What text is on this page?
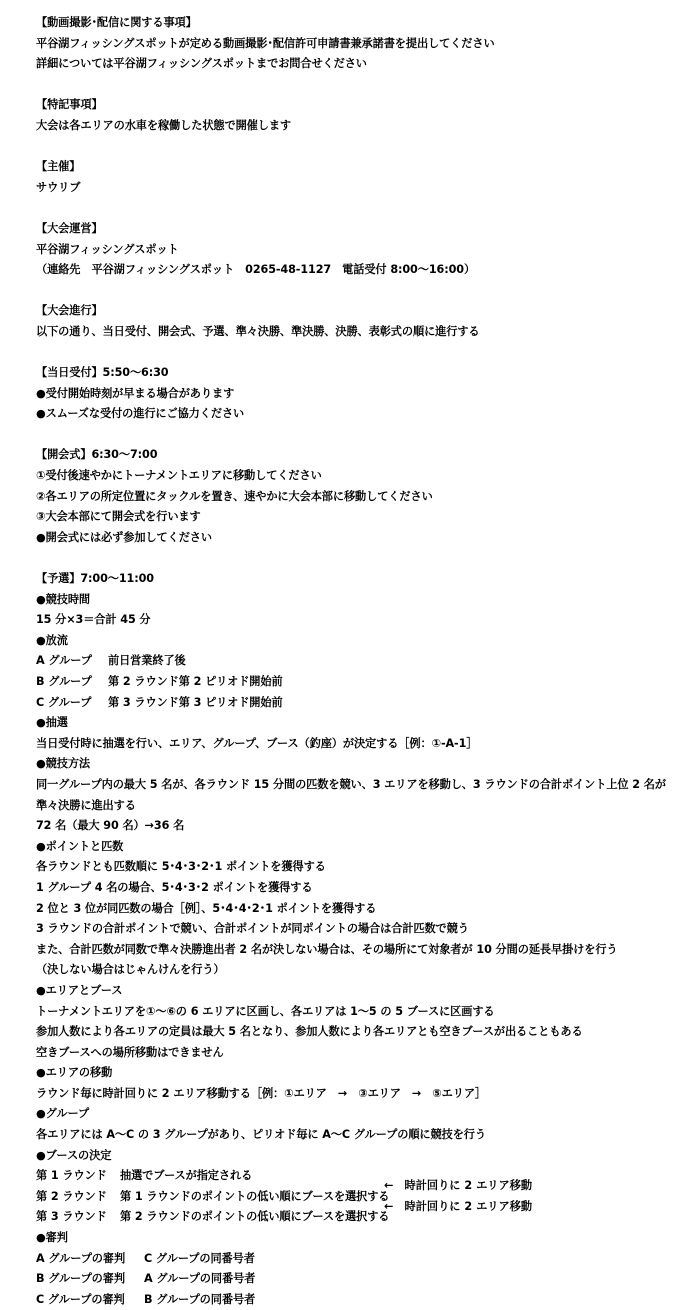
【動画撮影･配信に関する事項】
平谷湖フィッシングスポットが定める動画撮影･配信許可申請書兼承諾書を提出してください
詳細については平谷湖フィッシングスポットまでお問合せください
【特記事項】
大会は各エリアの水車を稼働した状態で開催します
【主催】
サウリブ
【大会運営】
平谷湖フィッシングスポット
（連絡先　平谷湖フィッシングスポット　0265-48-1127　電話受付 8:00～16:00）
【大会進行】
以下の通り、当日受付、開会式、予選、準々決勝、準決勝、決勝、表彰式の順に進行する
【当日受付】5:50～6:30
●受付開始時刻が早まる場合があります
●スムーズな受付の進行にご協力ください
【開会式】6:30～7:00
①受付後速やかにトーナメントエリアに移動してください
②各エリアの所定位置にタックルを置き、速やかに大会本部に移動してください
③大会本部にて開会式を行います
●開会式には必ず参加してください
【予選】7:00～11:00
●競技時間
15 分×3＝合計 45 分
●放流
A グループ 前日営業終了後
B グループ 第 2 ラウンド第 2 ピリオド開始前
C グループ 第 3 ラウンド第 3 ピリオド開始前
●抽選
当日受付時に抽選を行い、エリア、グループ、ブース（釣座）が決定する［例：①-A-1］
●競技方法
同一グループ内の最大 5 名が、各ラウンド 15 分間の匹数を競い、3 エリアを移動し、3 ラウンドの合計ポイント上位 2 名が
準々決勝に進出する
72 名（最大 90 名）→36 名
●ポイントと匹数
各ラウンドとも匹数順に 5･4･3･2･1 ポイントを獲得する
1 グループ 4 名の場合、5･4･3･2 ポイントを獲得する
2 位と 3 位が同匹数の場合［例］、5･4･4･2･1 ポイントを獲得する
3 ラウンドの合計ポイントで競い、合計ポイントが同ポイントの場合は合計匹数で競う
また、合計匹数が同数で準々決勝進出者 2 名が決しない場合は、その場所にて対象者が 10 分間の延長早掛けを行う
（決しない場合はじゃんけんを行う）
●エリアとブース
トーナメントエリアを①～⑥の 6 エリアに区画し、各エリアは 1～5 の 5 ブースに区画する
参加人数により各エリアの定員は最大 5 名となり、参加人数により各エリアとも空きブースが出ることもある
空きブースへの場所移動はできません
●エリアの移動
ラウンド毎に時計回りに 2 エリア移動する［例：①エリア　→　③エリア　→　⑤エリア］
●グループ
各エリアには A～C の 3 グループがあり、ピリオド毎に A～C グループの順に競技を行う
●ブースの決定
第 1 ラウンド 抽選でブースが指定される
第 2 ラウンド 第 1 ラウンドのポイントの低い順にブースを選択する
第 3 ラウンド 第 2 ラウンドのポイントの低い順にブースを選択する
←　時計回りに 2 エリア移動
←　時計回りに 2 エリア移動
●審判
A グループの審判 C グループの同番号者
B グループの審判 A グループの同番号者
C グループの審判 B グループの同番号者
